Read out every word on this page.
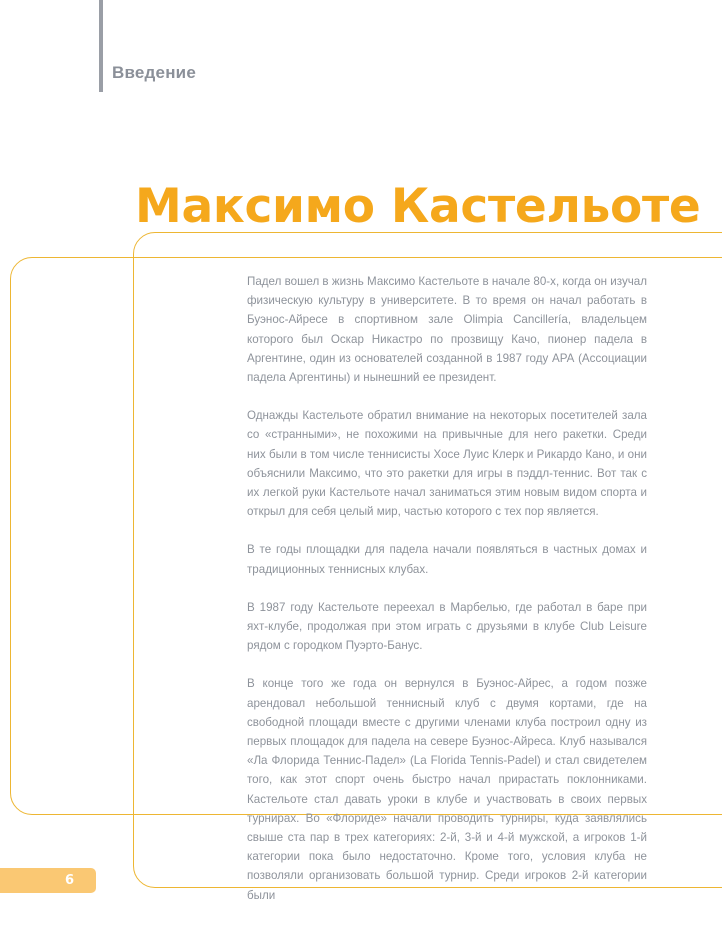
Введение
Максимо Кастельоте

Падел вошел в жизнь Максимо Кастельоте в начале 80-х, когда он изучал физическую культуру в университете. В то время он начал работать в Буэнос-Айресе в спортивном зале Olimpia Cancillería, владельцем которого был Оскар Никастро по прозвищу Качо, пионер падела в Аргентине, один из основателей созданной в 1987 году АРА (Ассоциации падела Аргентины) и нынешний ее президент.

Однажды Кастельоте обратил внимание на некоторых посетителей зала со «странными», не похожими на привычные для него ракетки. Среди них были в том числе теннисисты Хосе Луис Клерк и Рикардо Кано, и они объяснили Максимо, что это ракетки для игры в пэддл-теннис. Вот так с их легкой руки Кастельоте начал заниматься этим новым видом спорта и открыл для себя целый мир, частью которого с тех пор является.

В те годы площадки для падела начали появляться в частных домах и традиционных теннисных клубах.

В 1987 году Кастельоте переехал в Марбелью, где работал в баре при яхт-клубе, продолжая при этом играть с друзьями в клубе Club Leisure рядом с городком Пуэрто-Банус.

В конце того же года он вернулся в Буэнос-Айрес, а годом позже арендовал небольшой теннисный клуб с двумя кортами, где на свободной площади вместе с другими членами клуба построил одну из первых площадок для падела на севере Буэнос-Айреса. Клуб назывался «Ла Флорида Теннис-Падел» (La Florida Tennis-Padel) и стал свидетелем того, как этот спорт очень быстро начал прирастать поклонниками. Кастельоте стал давать уроки в клубе и участвовать в своих первых турнирах. Во «Флориде» начали проводить турниры, куда заявлялись свыше ста пар в трех категориях: 2-й, 3-й и 4-й мужской, а игроков 1-й категории пока было недостаточно. Кроме того, условия клуба не позволяли организовать большой турнир. Среди игроков 2-й категории были

6
